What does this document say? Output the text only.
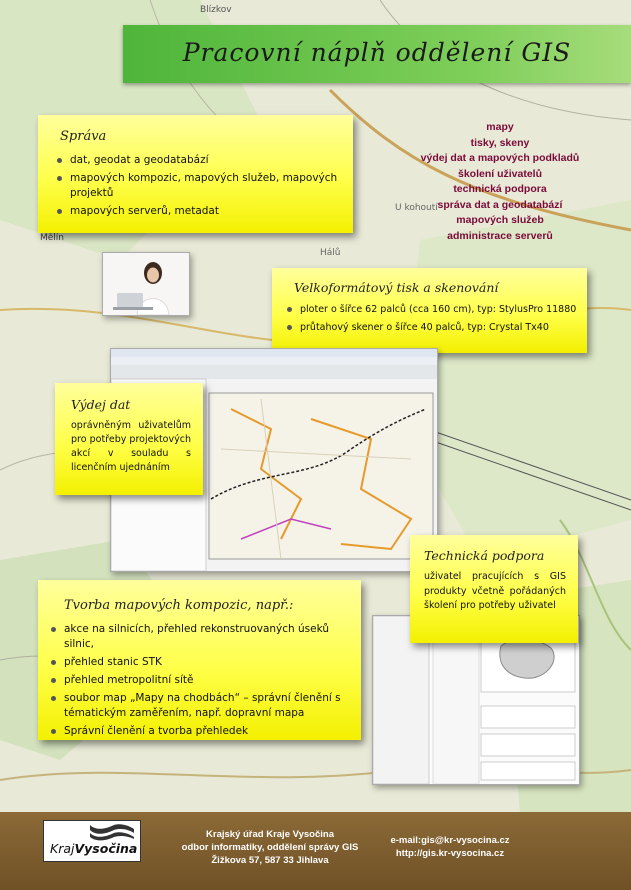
Blízkov
U kohoutí
Mělín
Hálů
Pracovní náplň oddělení GIS
Správa
dat, geodat a geodatabází
mapových kompozic, mapových služeb, mapových projektů
mapových serverů, metadat
mapy
tisky, skeny
výdej dat a mapových podkladů
školení uživatelů
technická podpora
správa dat a geodatabází
mapových služeb
administrace serverů
Velkoformátový tisk a skenování
ploter o šířce 62 palců (cca 160 cm), typ: StylusPro 11880
průtahový skener o šířce 40 palců, typ: Crystal Tx40
Výdej dat
oprávněným uživatelům pro potřeby projektových akcí v souladu s licenčním ujednáním
Technická podpora
uživatel pracujících s GIS produkty včetně pořádaných školení pro potřeby uživatel
Tvorba mapových kompozic, např.:
akce na silnicích, přehled rekonstruovaných úseků silnic,
přehled stanic STK
přehled metropolitní sítě
soubor map „Mapy na chodbách“ – správní členění s tématickým zaměřením, např. dopravní mapa
Správní členění a tvorba přehledek
KrajVysočina
Krajský úřad Kraje Vysočina
odbor informatiky, oddělení správy GIS
Žižkova 57, 587 33 Jihlava
e-mail:gis@kr-vysocina.cz
http://gis.kr-vysocina.cz
